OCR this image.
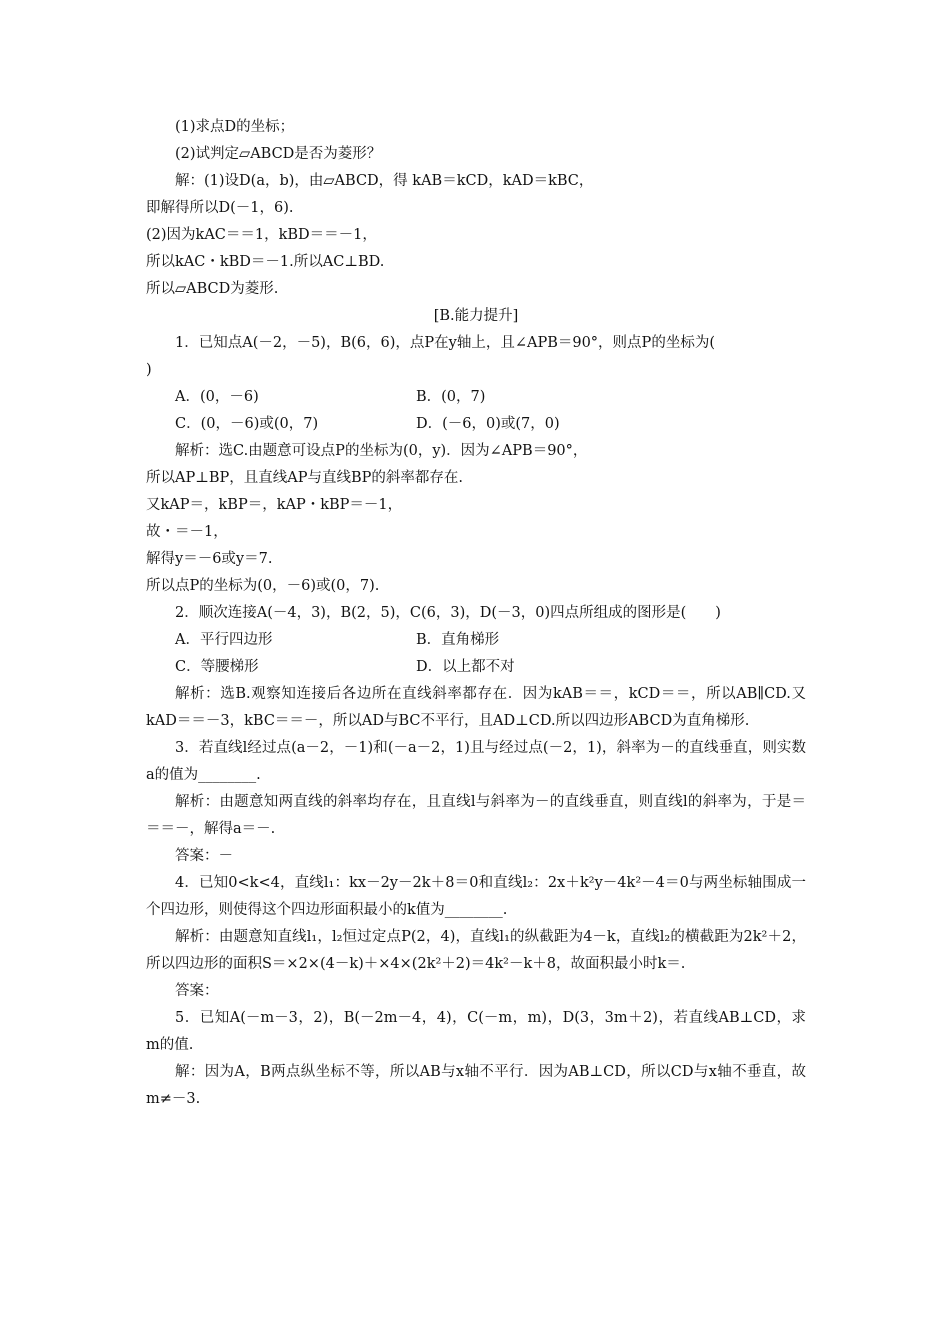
(1)求点D的坐标；
(2)试判定▱ABCD是否为菱形？
解：(1)设D(a，b)，由▱ABCD，得 kAB＝kCD，kAD＝kBC，
即解得所以D(－1，6).
(2)因为kAC＝＝1，kBD＝＝－1，
所以kAC・kBD＝－1.所以AC⊥BD.
所以▱ABCD为菱形.
[B.能力提升]
1．已知点A(－2，－5)，B(6，6)，点P在y轴上，且∠APB＝90°，则点P的坐标为(
)
A．(0，－6)	B．(0，7)
C．(0，－6)或(0，7)	D．(－6，0)或(7，0)
解析：选C.由题意可设点P的坐标为(0，y)．因为∠APB＝90°，
所以AP⊥BP，且直线AP与直线BP的斜率都存在.
又kAP＝，kBP＝，kAP・kBP＝－1，
故・＝－1，
解得y＝－6或y＝7.
所以点P的坐标为(0，－6)或(0，7).
2．顺次连接A(－4，3)，B(2，5)，C(6，3)，D(－3，0)四点所组成的图形是(　　)
A．平行四边形	B．直角梯形
C．等腰梯形	D．以上都不对
解析：选B.观察知连接后各边所在直线斜率都存在．因为kAB＝＝，kCD＝＝，所以AB∥CD.又kAD＝＝－3，kBC＝＝－，所以AD与BC不平行，且AD⊥CD.所以四边形ABCD为直角梯形.
3．若直线l经过点(a－2，－1)和(－a－2，1)且与经过点(－2，1)，斜率为－的直线垂直，则实数a的值为________.
解析：由题意知两直线的斜率均存在，且直线l与斜率为－的直线垂直，则直线l的斜率为，于是＝＝＝－，解得a＝－.
答案：－
4．已知0<k<4，直线l₁：kx－2y－2k＋8＝0和直线l₂：2x＋k²y－4k²－4＝0与两坐标轴围成一个四边形，则使得这个四边形面积最小的k值为________.
解析：由题意知直线l₁，l₂恒过定点P(2，4)，直线l₁的纵截距为4－k，直线l₂的横截距为2k²＋2，所以四边形的面积S＝×2×(4－k)＋×4×(2k²＋2)＝4k²－k＋8，故面积最小时k＝.
答案：
5．已知A(－m－3，2)，B(－2m－4，4)，C(－m，m)，D(3，3m＋2)，若直线AB⊥CD，求m的值.
解：因为A，B两点纵坐标不等，所以AB与x轴不平行．因为AB⊥CD，所以CD与x轴不垂直，故m≠－3.
